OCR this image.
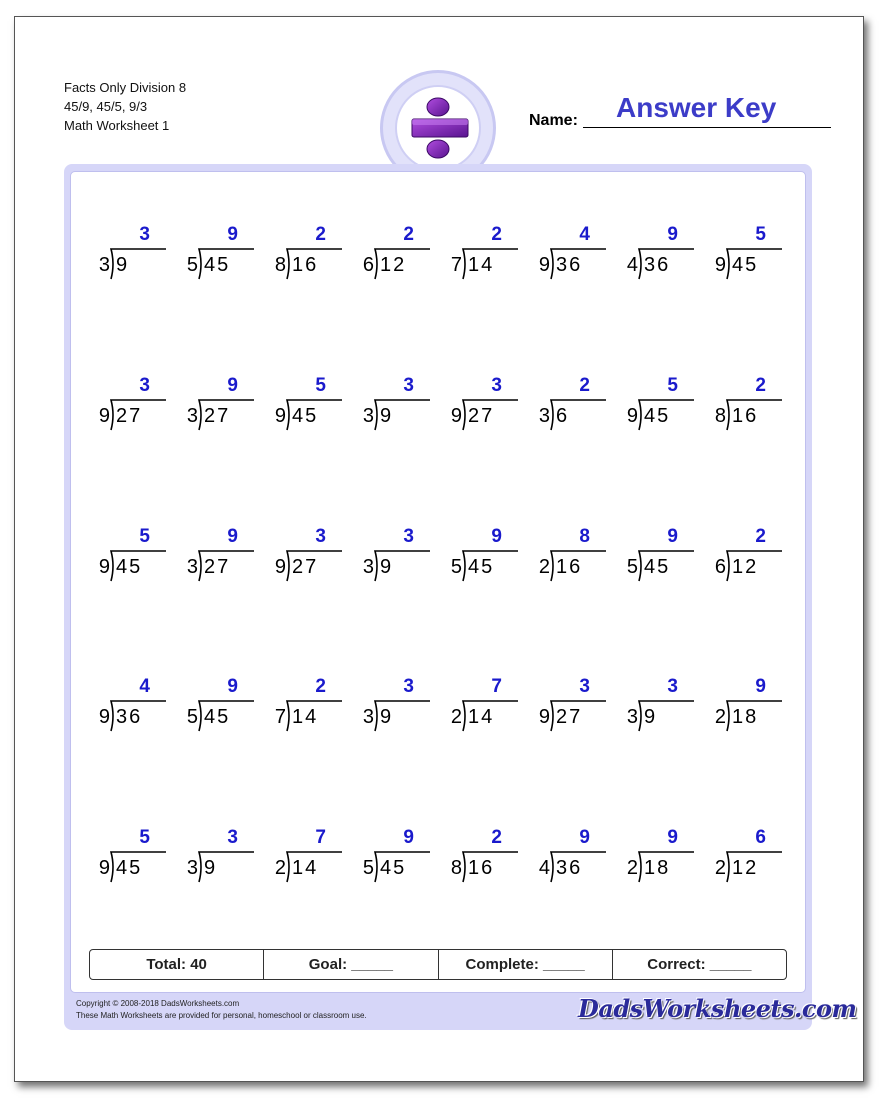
Facts Only Division 8
45/9, 45/5, 9/3
Math Worksheet 1	Name: Answer Key
3
3 9
9
5 45
2
8 16
2
6 12
2
7 14
4
9 36
9
4 36
5
9 45
3
9 27
9
3 27
5
9 45
3
3 9
3
9 27
2
3 6
5
9 45
2
8 16
5
9 45
9
3 27
3
9 27
3
3 9
9
5 45
8
2 16
9
5 45
2
6 12
4
9 36
9
5 45
2
7 14
3
3 9
7
2 14
3
9 27
3
3 9
9
2 18
5
9 45
3
3 9
7
2 14
9
5 45
2
8 16
9
4 36
9
2 18
6
2 12
Total: 40	Goal: _____	Complete: _____	Correct: _____
Copyright © 2008-2018 DadsWorksheets.com
These Math Worksheets are provided for personal, homeschool or classroom use.	DadsWorksheets.com
